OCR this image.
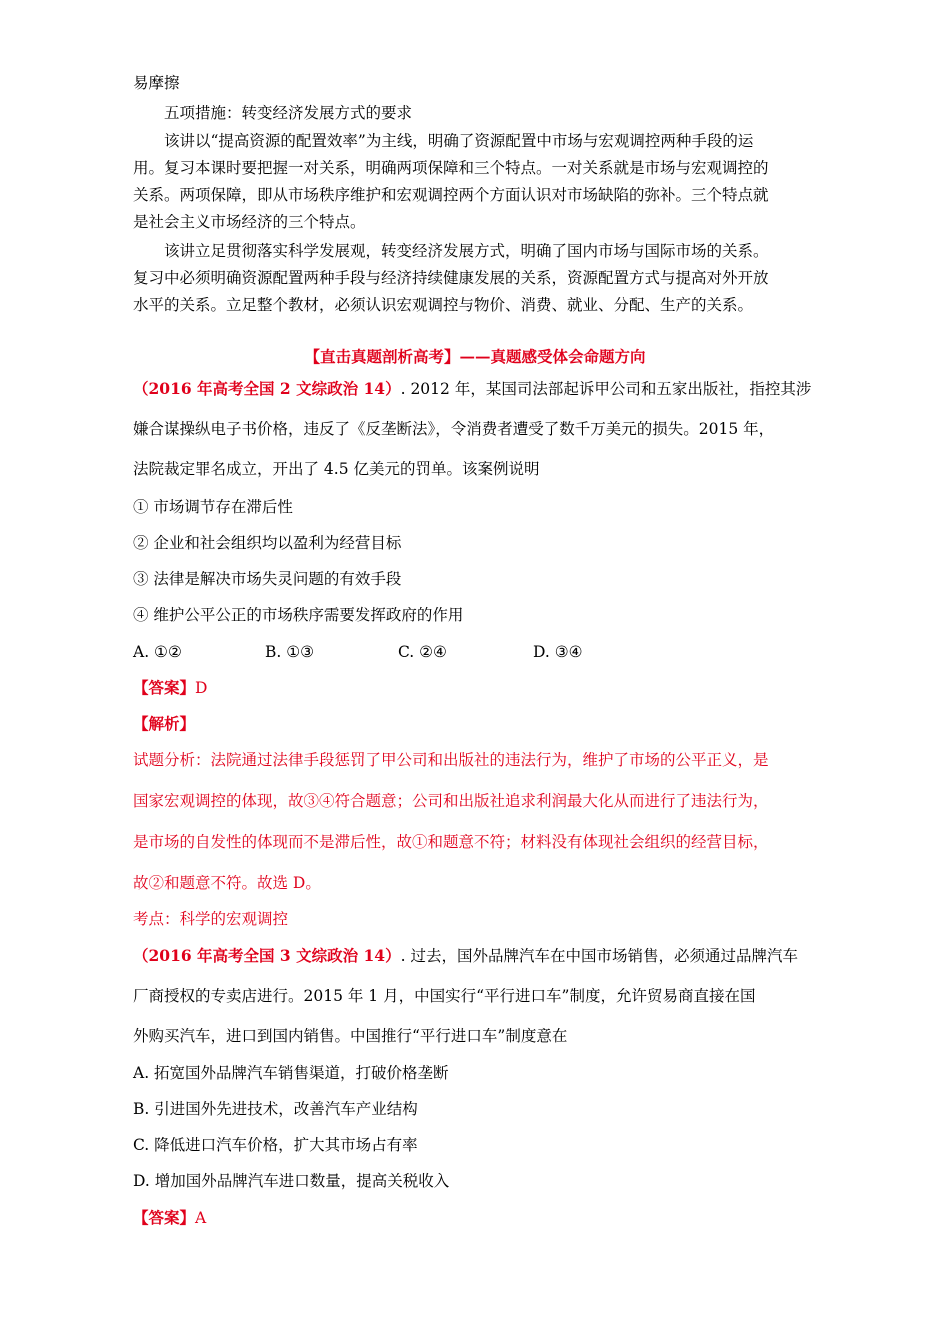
易摩擦
五项措施：转变经济发展方式的要求
该讲以“提高资源的配置效率”为主线，明确了资源配置中市场与宏观调控两种手段的运
用。复习本课时要把握一对关系，明确两项保障和三个特点。一对关系就是市场与宏观调控的
关系。两项保障，即从市场秩序维护和宏观调控两个方面认识对市场缺陷的弥补。三个特点就
是社会主义市场经济的三个特点。
该讲立足贯彻落实科学发展观，转变经济发展方式，明确了国内市场与国际市场的关系。
复习中必须明确资源配置两种手段与经济持续健康发展的关系，资源配置方式与提高对外开放
水平的关系。立足整个教材，必须认识宏观调控与物价、消费、就业、分配、生产的关系。
【直击真题剖析高考】——真题感受体会命题方向
（2016 年高考全国 2 文综政治 14）. 2012 年，某国司法部起诉甲公司和五家出版社，指控其涉
嫌合谋操纵电子书价格，违反了《反垄断法》，令消费者遭受了数千万美元的损失。2015 年，
法院裁定罪名成立，开出了 4.5 亿美元的罚单。该案例说明
① 市场调节存在滞后性
② 企业和社会组织均以盈利为经营目标
③ 法律是解决市场失灵问题的有效手段
④ 维护公平公正的市场秩序需要发挥政府的作用
A. ①②	B. ①③	C. ②④	D. ③④
【答案】D
【解析】
试题分析：法院通过法律手段惩罚了甲公司和出版社的违法行为，维护了市场的公平正义，是
国家宏观调控的体现，故③④符合题意；公司和出版社追求利润最大化从而进行了违法行为，
是市场的自发性的体现而不是滞后性，故①和题意不符；材料没有体现社会组织的经营目标，
故②和题意不符。故选 D。
考点：科学的宏观调控
（2016 年高考全国 3 文综政治 14）. 过去，国外品牌汽车在中国市场销售，必须通过品牌汽车
厂商授权的专卖店进行。2015 年 1 月，中国实行“平行进口车”制度，允许贸易商直接在国
外购买汽车，进口到国内销售。中国推行“平行进口车”制度意在
A. 拓宽国外品牌汽车销售渠道，打破价格垄断
B. 引进国外先进技术，改善汽车产业结构
C. 降低进口汽车价格，扩大其市场占有率
D. 增加国外品牌汽车进口数量，提高关税收入
【答案】A
